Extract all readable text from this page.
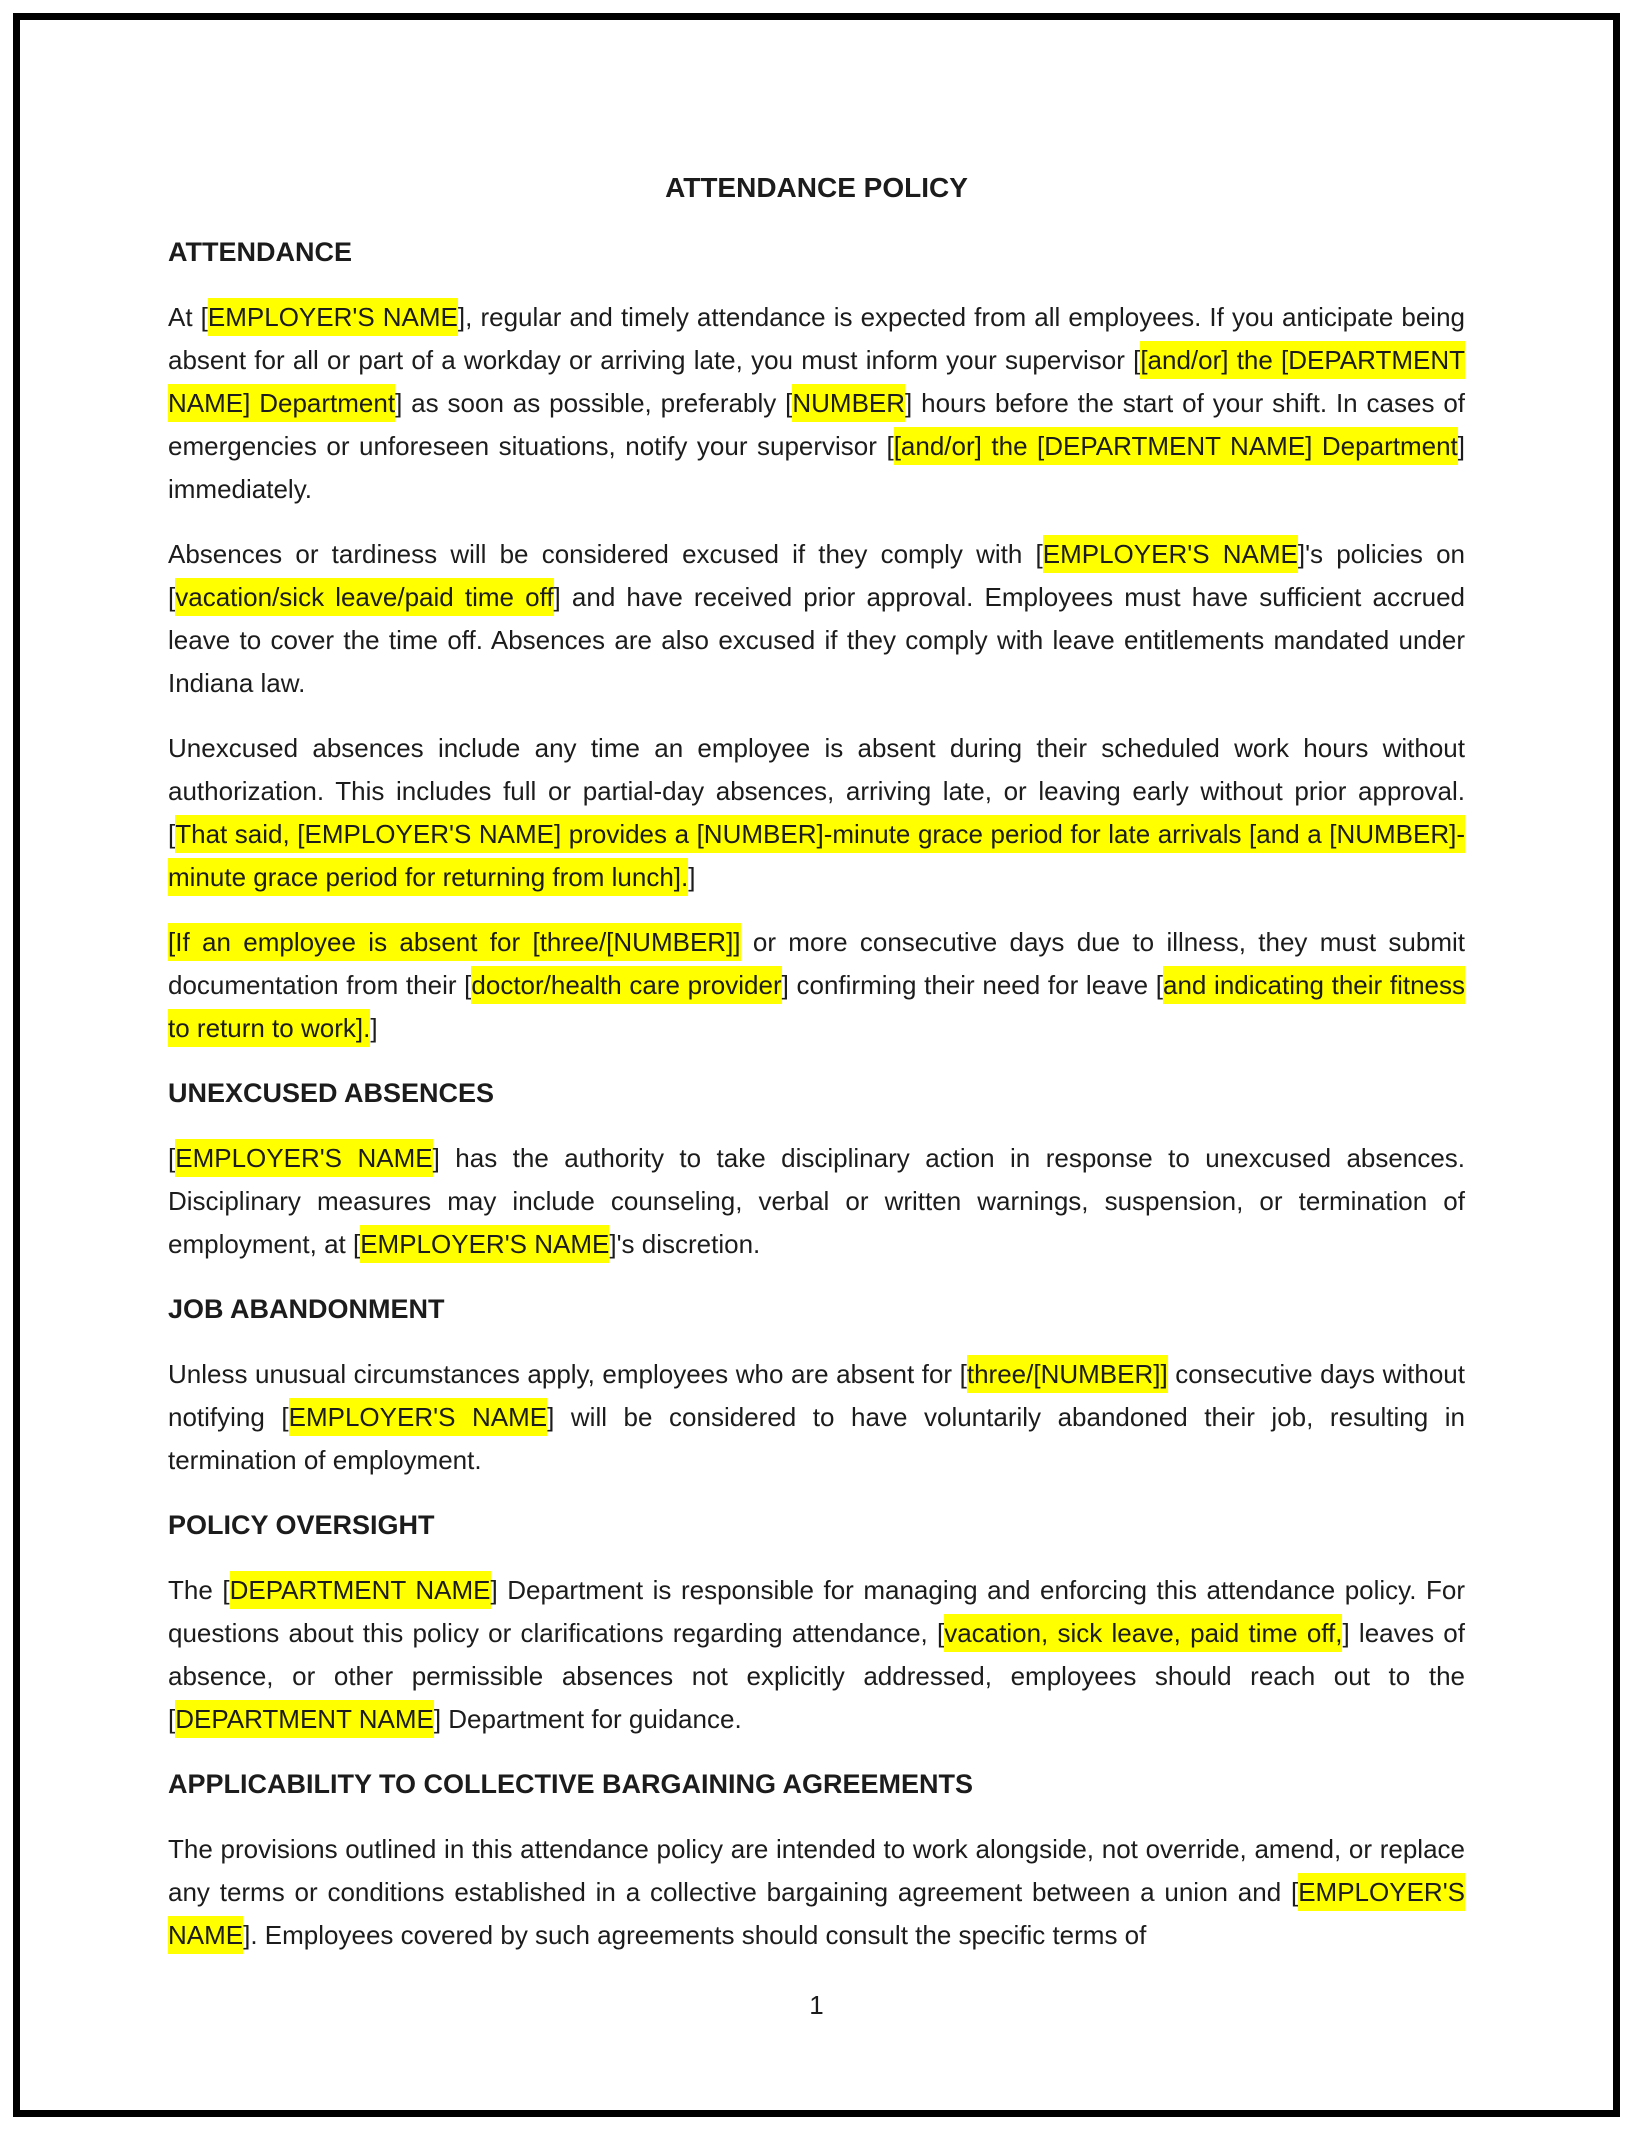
ATTENDANCE POLICY
ATTENDANCE

At [EMPLOYER'S NAME], regular and timely attendance is expected from all employees. If you anticipate being absent for all or part of a workday or arriving late, you must inform your supervisor [[and/or] the [DEPARTMENT NAME] Department] as soon as possible, preferably [NUMBER] hours before the start of your shift. In cases of emergencies or unforeseen situations, notify your supervisor [[and/or] the [DEPARTMENT NAME] Department] immediately.

Absences or tardiness will be considered excused if they comply with [EMPLOYER'S NAME]'s policies on [vacation/sick leave/paid time off] and have received prior approval. Employees must have sufficient accrued leave to cover the time off. Absences are also excused if they comply with leave entitlements mandated under Indiana law.

Unexcused absences include any time an employee is absent during their scheduled work hours without authorization. This includes full or partial-day absences, arriving late, or leaving early without prior approval. [That said, [EMPLOYER'S NAME] provides a [NUMBER]-minute grace period for late arrivals [and a [NUMBER]-minute grace period for returning from lunch].]

[If an employee is absent for [three/[NUMBER]] or more consecutive days due to illness, they must submit documentation from their [doctor/health care provider] confirming their need for leave [and indicating their fitness to return to work].]

UNEXCUSED ABSENCES

[EMPLOYER'S NAME] has the authority to take disciplinary action in response to unexcused absences. Disciplinary measures may include counseling, verbal or written warnings, suspension, or termination of employment, at [EMPLOYER'S NAME]'s discretion.

JOB ABANDONMENT

Unless unusual circumstances apply, employees who are absent for [three/[NUMBER]] consecutive days without notifying [EMPLOYER'S NAME] will be considered to have voluntarily abandoned their job, resulting in termination of employment.

POLICY OVERSIGHT

The [DEPARTMENT NAME] Department is responsible for managing and enforcing this attendance policy. For questions about this policy or clarifications regarding attendance, [vacation, sick leave, paid time off,] leaves of absence, or other permissible absences not explicitly addressed, employees should reach out to the [DEPARTMENT NAME] Department for guidance.

APPLICABILITY TO COLLECTIVE BARGAINING AGREEMENTS

The provisions outlined in this attendance policy are intended to work alongside, not override, amend, or replace any terms or conditions established in a collective bargaining agreement between a union and [EMPLOYER'S NAME]. Employees covered by such agreements should consult the specific terms of

1
